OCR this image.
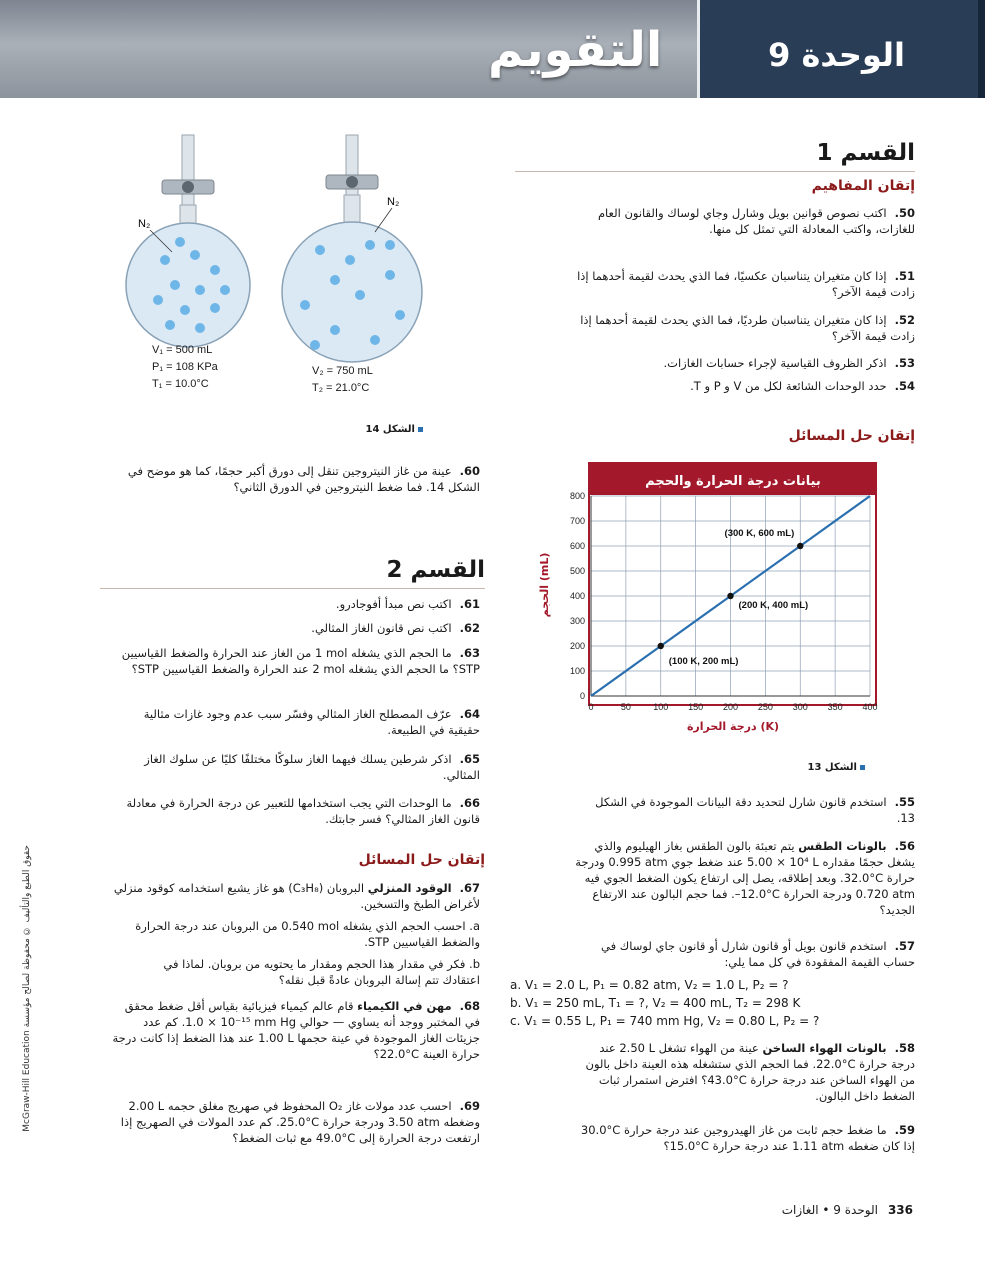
الوحدة 9
التقويم
القسم 1
إتقان المفاهيم
50.اكتب نصوص قوانين بويل وشارل وجاي لوساك والقانون العام للغازات، واكتب المعادلة التي تمثل كل منها.
51.إذا كان متغيران يتناسبان عكسيًا، فما الذي يحدث لقيمة أحدهما إذا زادت قيمة الآخر؟
52.إذا كان متغيران يتناسبان طرديًا، فما الذي يحدث لقيمة أحدهما إذا زادت قيمة الآخر؟
53.اذكر الظروف القياسية لإجراء حسابات الغازات.
54.حدد الوحدات الشائعة لكل من V و P و T.
إتقان حل المسائل
بيانات درجة الحرارة والحجم
0	50 100 150 200 250 300 350 400
0
100
200
300
400
500
600
700
800
(100 K, 200 mL)
(200 K, 400 mL)
(300 K, 600 mL)
درجة الحرارة (K)
الحجم (mL)
الشكل 13
55.استخدم قانون شارل لتحديد دقة البيانات الموجودة في الشكل 13.
56.بالونات الطقس يتم تعبئة بالون الطقس بغاز الهيليوم والذي يشغل حجمًا مقداره ‎5.00 × 10⁴ L‎ عند ضغط جوي ‎0.995 atm‎ ودرجة حرارة ‎32.0°C‎. وبعد إطلاقه، يصل إلى ارتفاع يكون الضغط الجوي فيه ‎0.720 atm‎ ودرجة الحرارة ‎12.0°C‎–. فما حجم البالون عند الارتفاع الجديد؟
57.استخدم قانون بويل أو قانون شارل أو قانون جاي لوساك في حساب القيمة المفقودة في كل مما يلي:
a. V₁ = 2.0 L, P₁ = 0.82 atm, V₂ = 1.0 L, P₂ = ?
b. V₁ = 250 mL, T₁ = ?, V₂ = 400 mL, T₂ = 298 K
c. V₁ = 0.55 L, P₁ = 740 mm Hg, V₂ = 0.80 L, P₂ = ?
58.بالونات الهواء الساخن عينة من الهواء تشغل ‎2.50 L‎ عند درجة حرارة ‎22.0°C‎. فما الحجم الذي ستشغله هذه العينة داخل بالون من الهواء الساخن عند درجة حرارة ‎43.0°C‎؟ افترض استمرار ثبات الضغط داخل البالون.
59.ما ضغط حجم ثابت من غاز الهيدروجين عند درجة حرارة ‎30.0°C‎ إذا كان ضغطه ‎1.11 atm‎ عند درجة حرارة ‎15.0°C‎؟
N₂
N₂
V₁ = 500 mL
P₁ = 108 KPa
T₁ = 10.0°C
V₂ = 750 mL
T₂ = 21.0°C
الشكل 14
60.عينة من غاز النيتروجين تنقل إلى دورق أكبر حجمًا، كما هو موضح في الشكل 14. فما ضغط النيتروجين في الدورق الثاني؟
القسم 2
61.اكتب نص مبدأ أفوجادرو.
62.اكتب نص قانون الغاز المثالي.
63.ما الحجم الذي يشغله ‎1 mol‎ من الغاز عند الحرارة والضغط القياسيين STP؟ ما الحجم الذي يشغله ‎2 mol‎ عند الحرارة والضغط القياسيين STP؟
64.عرّف المصطلح الغاز المثالي وفسّر سبب عدم وجود غازات مثالية حقيقية في الطبيعة.
65.اذكر شرطين يسلك فيهما الغاز سلوكًا مختلفًا كليًا عن سلوك الغاز المثالي.
66.ما الوحدات التي يجب استخدامها للتعبير عن درجة الحرارة في معادلة قانون الغاز المثالي؟ فسر جابتك.
إتقان حل المسائل
67.الوقود المنزلي البروبان (C₃H₈) هو غاز يشيع استخدامه كوقود منزلي لأغراض الطبخ والتسخين.
a. احسب الحجم الذي يشغله ‎0.540 mol‎ من البروبان عند درجة الحرارة والضغط القياسيين STP.
b. فكر في مقدار هذا الحجم ومقدار ما يحتويه من بروبان. لماذا في اعتقادك تتم إسالة البروبان عادةً قبل نقله؟
68.مهن في الكيمياء قام عالم كيمياء فيزيائية بقياس أقل ضغط محقق في المختبر ووجد أنه يساوي — حوالي ‎1.0 × 10⁻¹⁵ mm Hg‎. كم عدد جزيئات الغاز الموجودة في عينة حجمها ‎1.00 L‎ عند هذا الضغط إذا كانت درجة حرارة العينة ‎22.0°C‎؟
69.احسب عدد مولات غاز O₂ المحفوظ في صهريج مغلق حجمه ‎2.00 L‎ وضغطه ‎3.50 atm‎ ودرجة حرارة ‎25.0°C‎. كم عدد المولات في الصهريج إذا ارتفعت درجة الحرارة إلى ‎49.0°C‎ مع ثبات الضغط؟
حقوق الطبع والتأليف © محفوظة لصالح مؤسسة McGraw-Hill Education
336الوحدة 9 • الغازات
